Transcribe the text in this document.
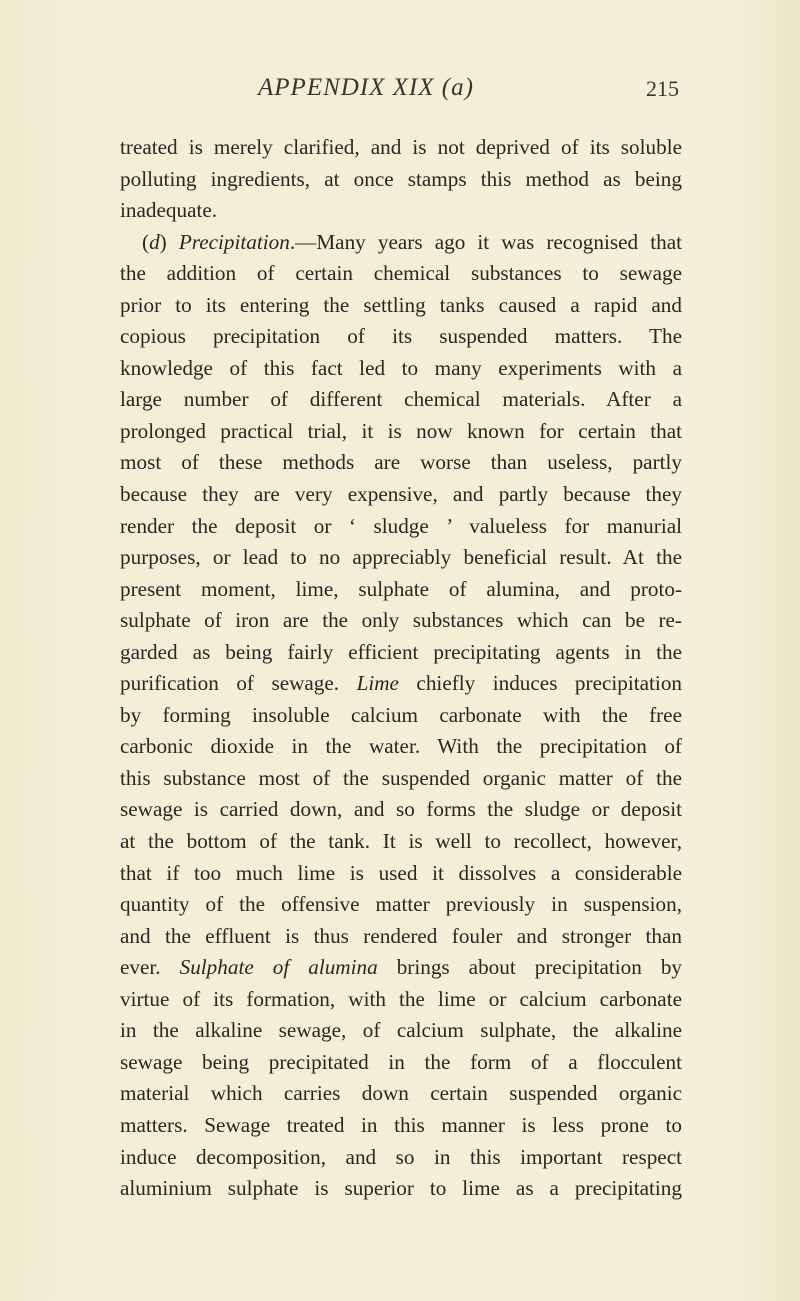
APPENDIX XIX (a)	215
treated is merely clarified, and is not deprived of its soluble
polluting ingredients, at once stamps this method as being
inadequate.
(d) Precipitation.—Many years ago it was recognised that
the addition of certain chemical substances to sewage
prior to its entering the settling tanks caused a rapid and
copious precipitation of its suspended matters. The
knowledge of this fact led to many experiments with a
large number of different chemical materials. After a
prolonged practical trial, it is now known for certain that
most of these methods are worse than useless, partly
because they are very expensive, and partly because they
render the deposit or ‘ sludge ’ valueless for manurial
purposes, or lead to no appreciably beneficial result. At the
present moment, lime, sulphate of alumina, and proto-
sulphate of iron are the only substances which can be re-
garded as being fairly efficient precipitating agents in the
purification of sewage. Lime chiefly induces precipitation
by forming insoluble calcium carbonate with the free
carbonic dioxide in the water. With the precipitation of
this substance most of the suspended organic matter of the
sewage is carried down, and so forms the sludge or deposit
at the bottom of the tank. It is well to recollect, however,
that if too much lime is used it dissolves a considerable
quantity of the offensive matter previously in suspension,
and the effluent is thus rendered fouler and stronger than
ever. Sulphate of alumina brings about precipitation by
virtue of its formation, with the lime or calcium carbonate
in the alkaline sewage, of calcium sulphate, the alkaline
sewage being precipitated in the form of a flocculent
material which carries down certain suspended organic
matters. Sewage treated in this manner is less prone to
induce decomposition, and so in this important respect
aluminium sulphate is superior to lime as a precipitating
